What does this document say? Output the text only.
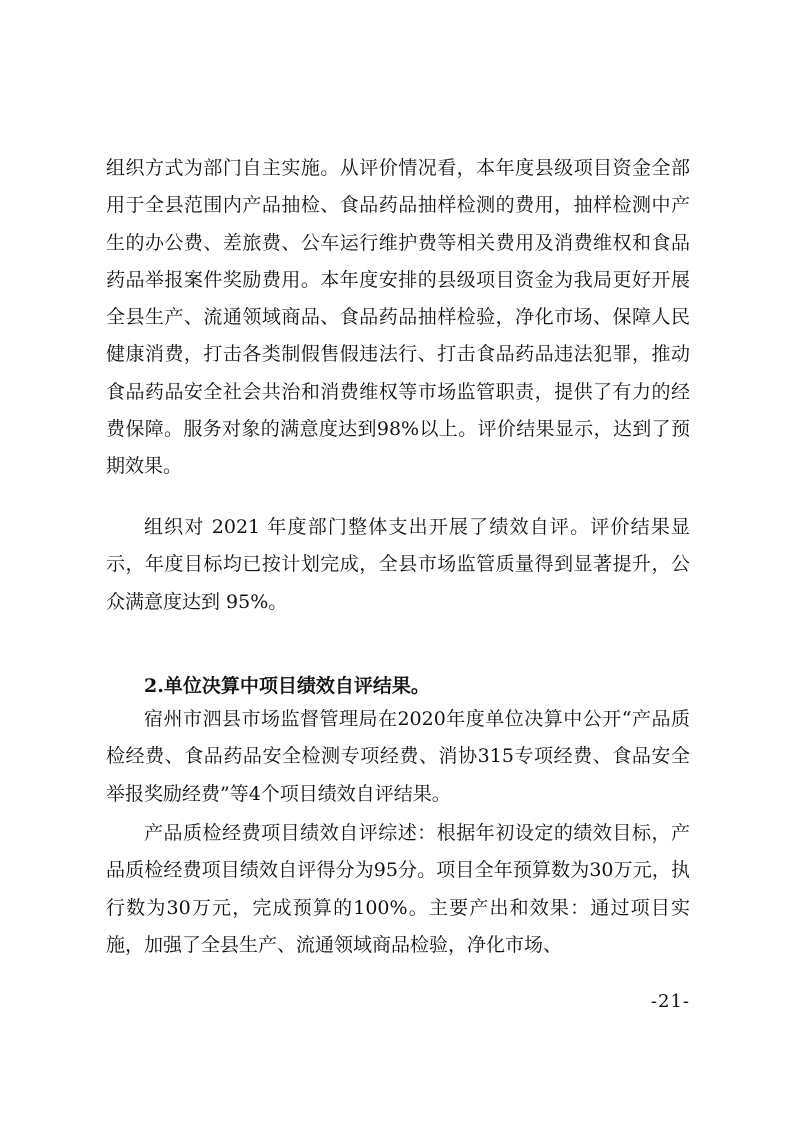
组织方式为部门自主实施。从评价情况看，本年度县级项目资金全部用于全县范围内产品抽检、食品药品抽样检测的费用，抽样检测中产生的办公费、差旅费、公车运行维护费等相关费用及消费维权和食品药品举报案件奖励费用。本年度安排的县级项目资金为我局更好开展全县生产、流通领域商品、食品药品抽样检验，净化市场、保障人民健康消费，打击各类制假售假违法行、打击食品药品违法犯罪，推动食品药品安全社会共治和消费维权等市场监管职责，提供了有力的经费保障。服务对象的满意度达到98%以上。评价结果显示，达到了预期效果。

组织对 2021 年度部门整体支出开展了绩效自评。评价结果显示，年度目标均已按计划完成，全县市场监管质量得到显著提升，公众满意度达到 95%。

2.单位决算中项目绩效自评结果。

宿州市泗县市场监督管理局在2020年度单位决算中公开“产品质检经费、食品药品安全检测专项经费、消协315专项经费、食品安全举报奖励经费”等4个项目绩效自评结果。

产品质检经费项目绩效自评综述：根据年初设定的绩效目标，产品质检经费项目绩效自评得分为95分。项目全年预算数为30万元，执行数为30万元，完成预算的100%。主要产出和效果：通过项目实施，加强了全县生产、流通领域商品检验，净化市场、

-21-
